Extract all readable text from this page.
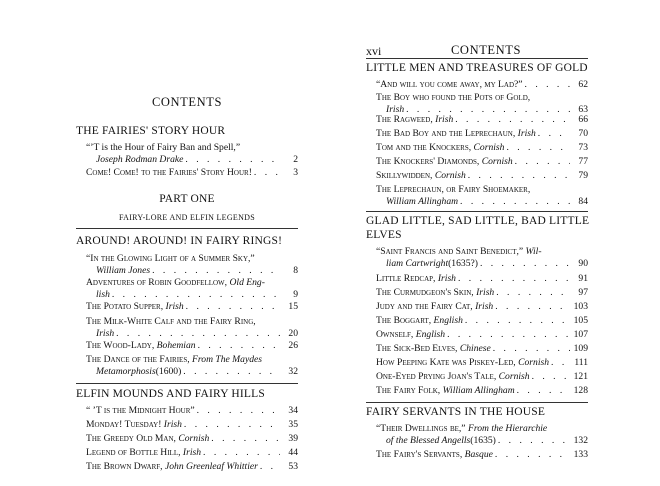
CONTENTS
THE FAIRIES' STORY HOUR
“’T is the Hour of Fairy Ban and Spell,”
Joseph Rodman Drake . . .	2
Come! Come! to the Fairies' Story Hour! . . .	3
PART ONE
FAIRY-LORE AND ELFIN LEGENDS
AROUND! AROUND! IN FAIRY RINGS!
“In the Glowing Light of a Summer Sky,”
William Jones . . .	8
Adventures of Robin Goodfellow,
Old Eng-
lish . . .	9
The Potato Supper,
Irish . . .	15
The Milk-White Calf and the Fairy Ring,
Irish . . .	20
The Wood-Lady,
Bohemian . . .	26
The Dance of the Fairies,
From The Maydes
Metamorphosis (1600) . . .	32
ELFIN MOUNDS AND FAIRY HILLS
“ ’T is the Midnight Hour” . . .	34
Monday! Tuesday!
Irish . . .	35
The Greedy Old Man,
Cornish . . .	39
Legend of Bottle Hill,
Irish . . .	44
The Brown Dwarf,
John Greenleaf Whittier . . .	53
xvi	CONTENTS
LITTLE MEN AND TREASURES OF GOLD
“And will you come away, my Lad?” . . .	62
The Boy who found the Pots of Gold,
Irish . . .	63
The Ragweed,
Irish . . .	66
The Bad Boy and the Leprechaun,
Irish . . .	70
Tom and the Knockers,
Cornish . . .	73
The Knockers' Diamonds,
Cornish . . .	77
Skillywidden,
Cornish . . .	79
The Leprechaun, or Fairy Shoemaker,
William Allingham . . .	84
GLAD LITTLE, SAD LITTLE, BAD LITTLE
ELVES
“Saint Francis and Saint Benedict,”
Wil-
liam Cartwright (1635?) . . .	90
Little Redcap,
Irish . . .	91
The Curmudgeon's Skin,
Irish . . .	97
Judy and the Fairy Cat,
Irish . . .	103
The Boggart,
English . . .	105
Ownself,
English . . .	107
The Sick-Bed Elves,
Chinese . . .	109
How Peeping Kate was Piskey-Led,
Cornish . . .	111
One-Eyed Prying Joan's Tale,
Cornish . . .	121
The Fairy Folk,
William Allingham . . .	128
FAIRY SERVANTS IN THE HOUSE
“Their Dwellings be,”
From the Hierarchie
of the Blessed Angells (1635) . . .	132
The Fairy's Servants,
Basque . . .	133
